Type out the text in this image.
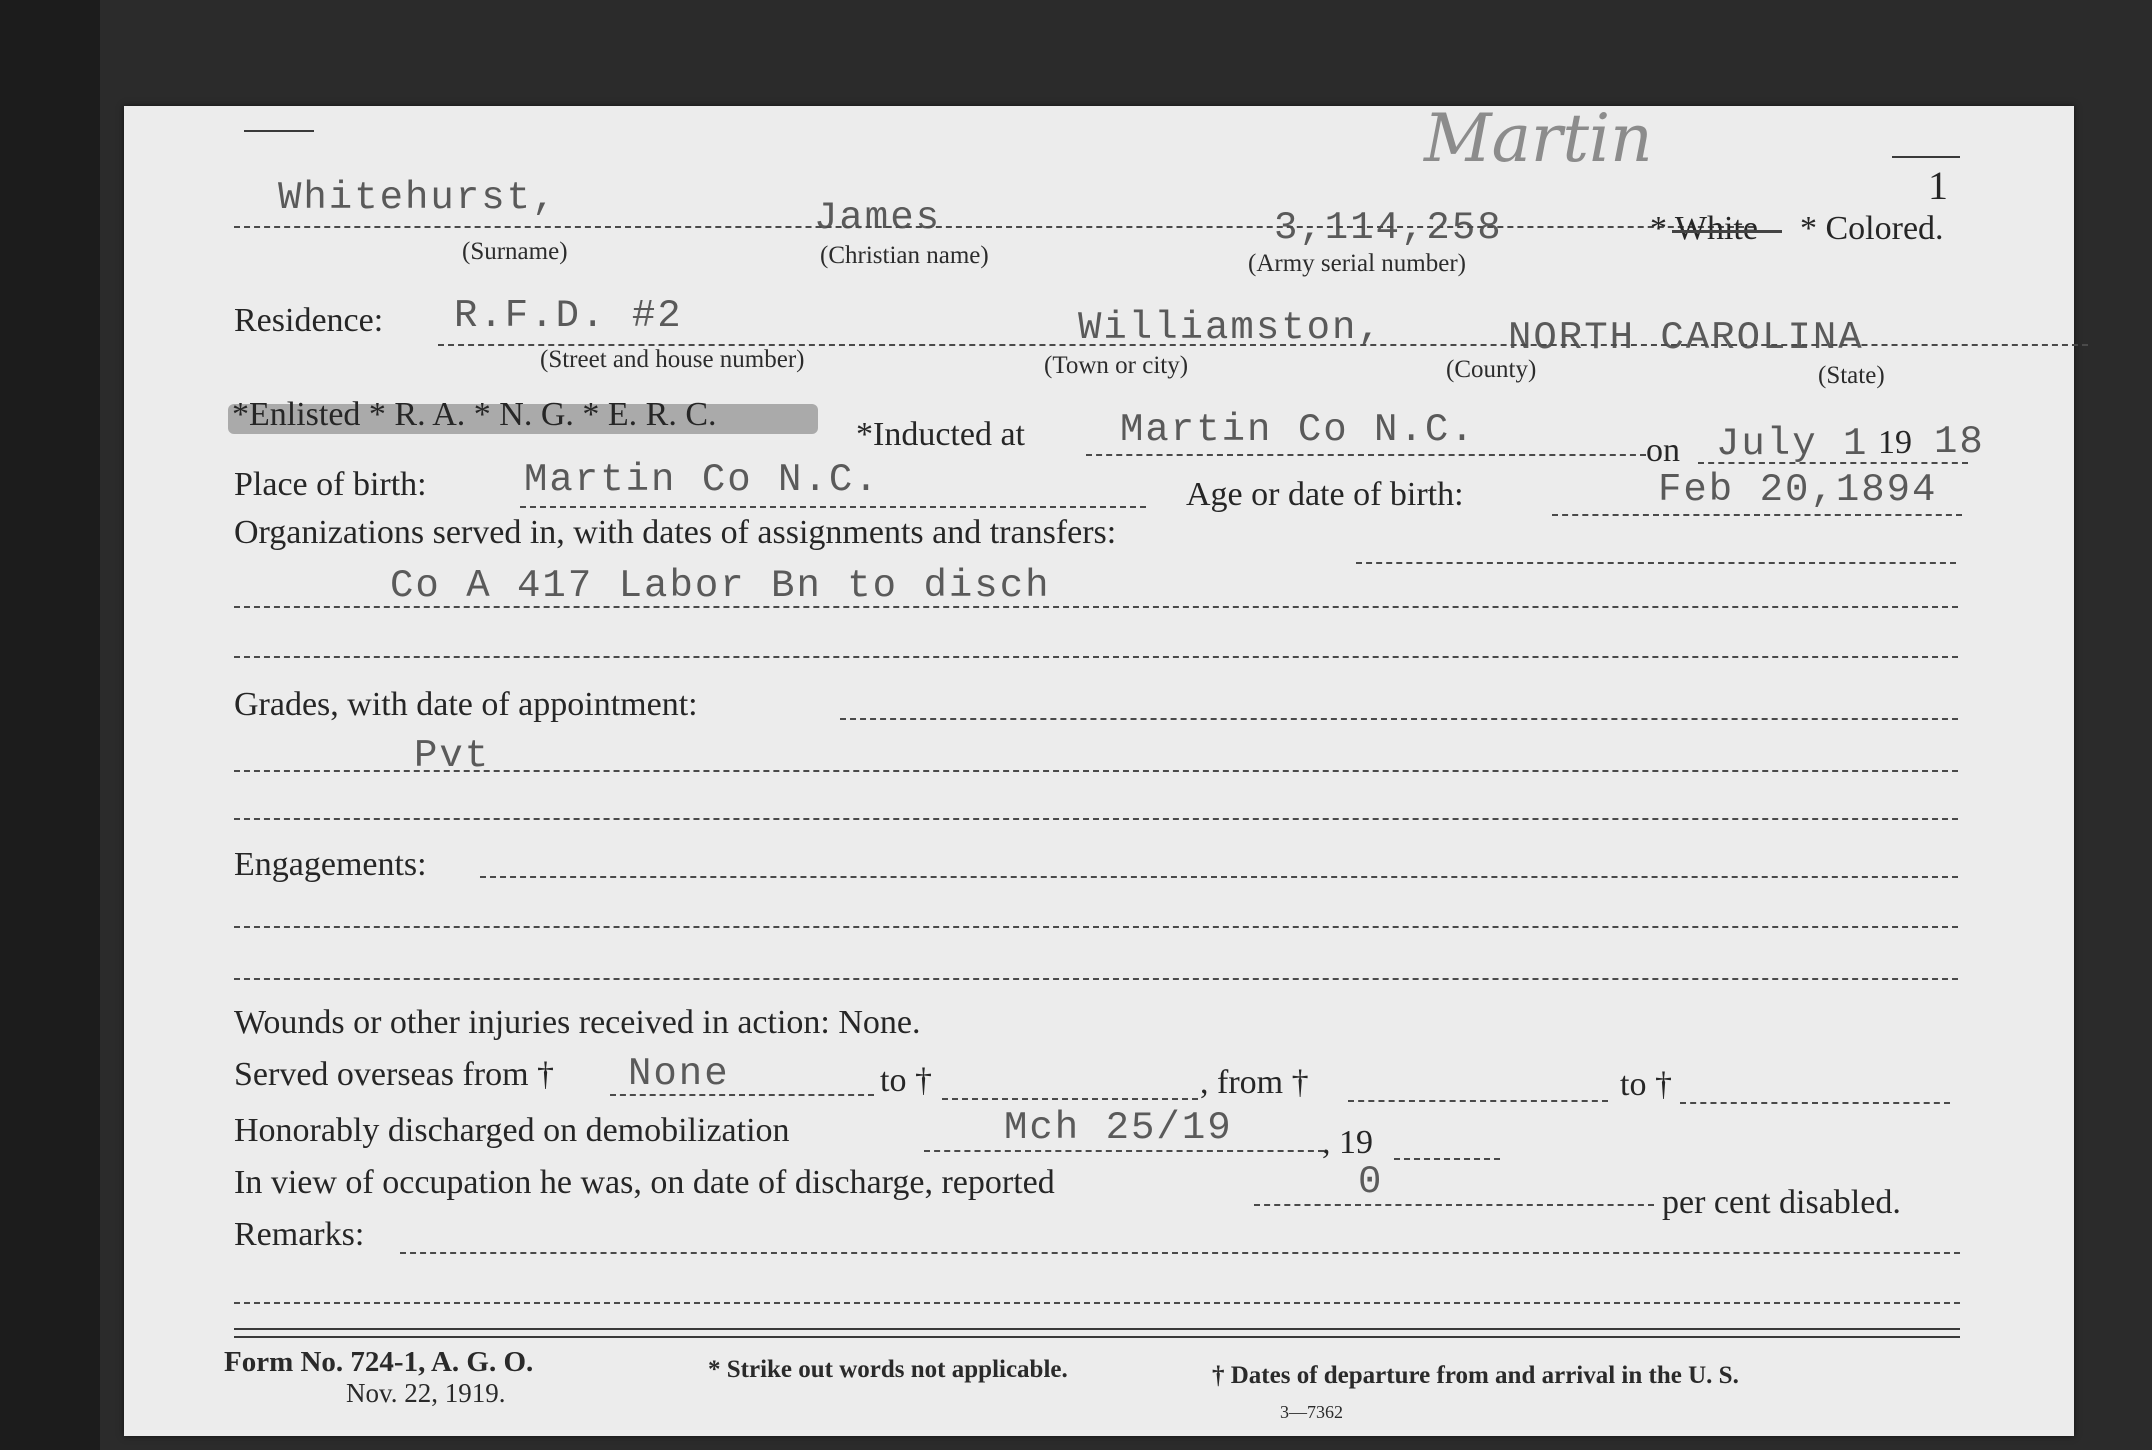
Martin
1
Whitehurst,	James	3,114,258	* White * Colored.
(Surname)	(Christian name)	(Army serial number)
Residence: R.F.D. #2	Williamston,	NORTH CAROLINA
(Street and house number)	(Town or city)	(County)	(State)
*Enlisted * R. A. * N. G. * E. R. C.
*Inducted at Martin Co N.C.	on July 1 19 18
Place of birth: Martin Co N.C.	Age or date of birth:	Feb 20,1894
Organizations served in, with dates of assignments and transfers:
Co A 417 Labor Bn to disch
Grades, with date of appointment:
Pvt
Engagements:
Wounds or other injuries received in action: None.
Served overseas from † None	to †	, from †	to †
Honorably discharged on demobilization	Mch 25/19	, 19
In view of occupation he was, on date of discharge, reported	0	per cent disabled.
Remarks:
Form No. 724-1, A. G. O.
Nov. 22, 1919.
* Strike out words not applicable.	† Dates of departure from and arrival in the U. S.
3—7362
